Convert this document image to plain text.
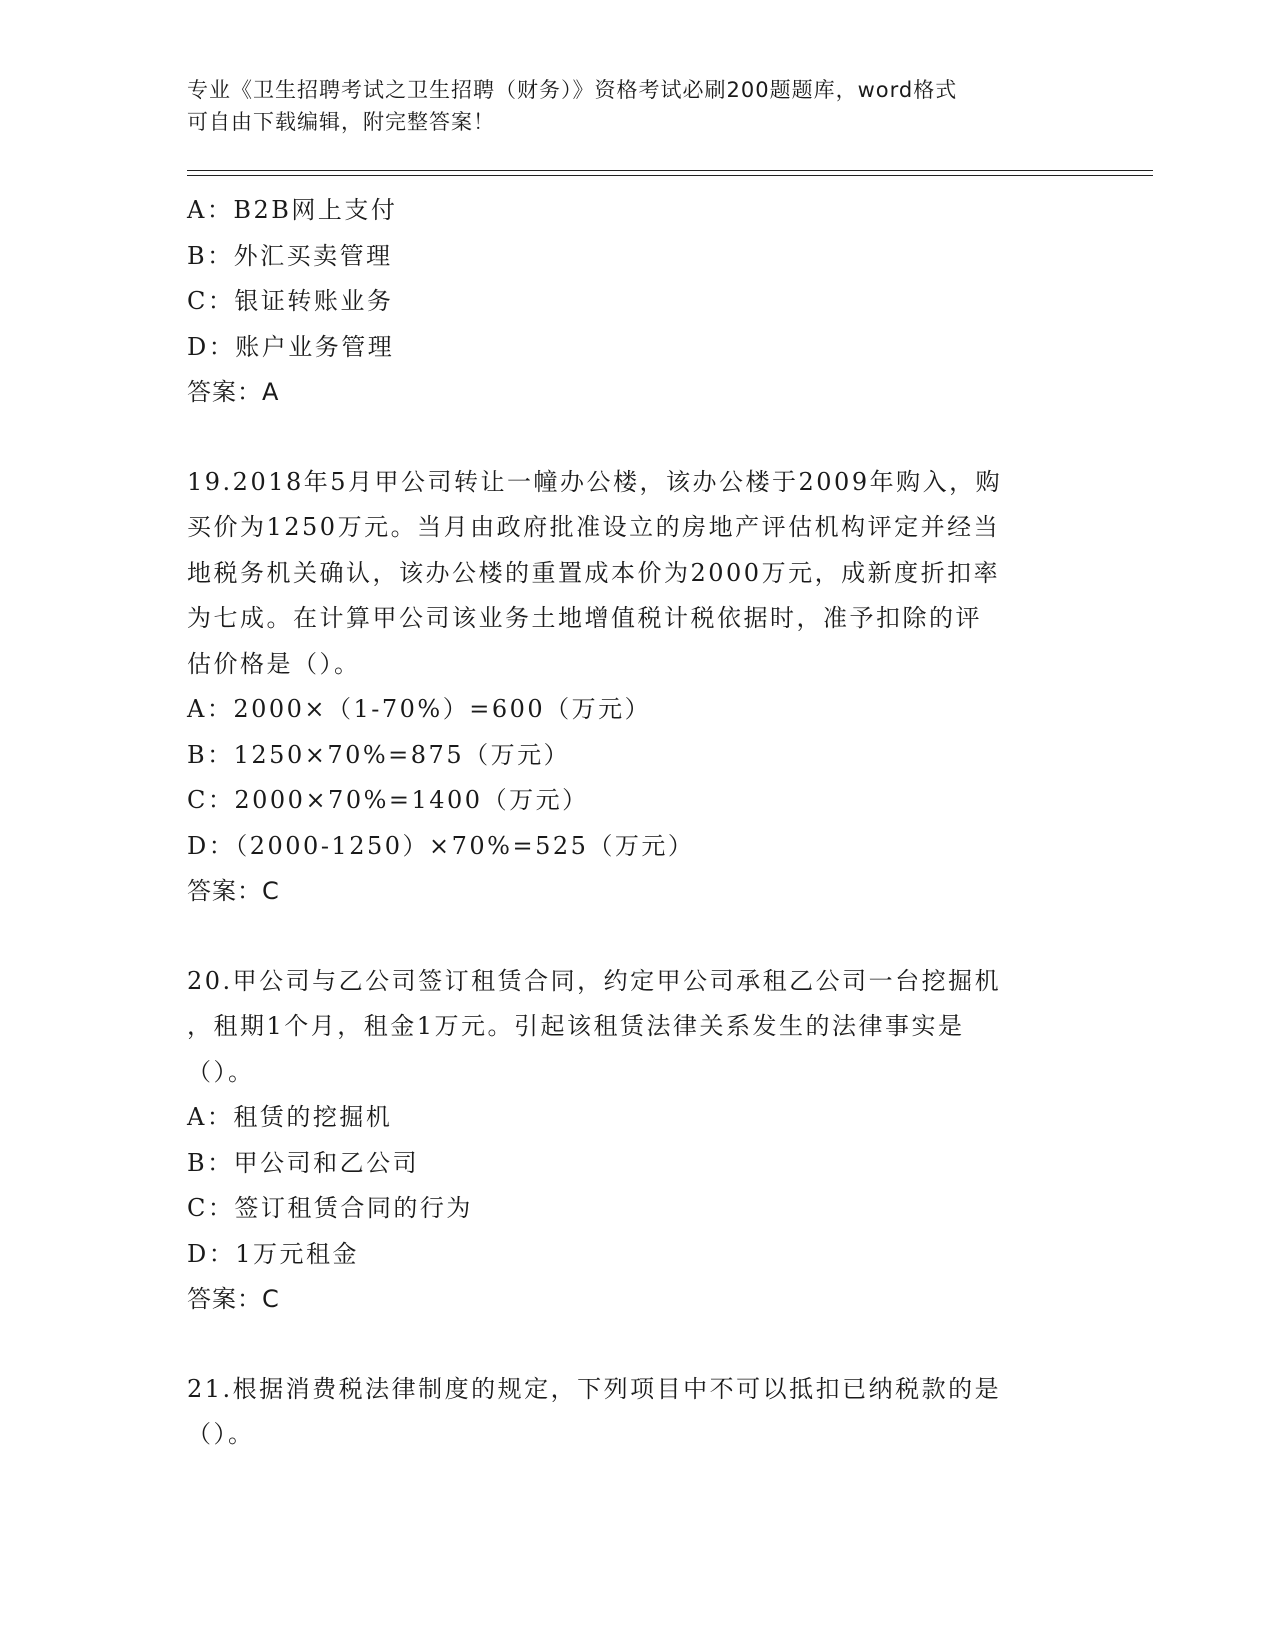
专业《卫生招聘考试之卫生招聘（财务）》资格考试必刷200题题库，word格式
可自由下载编辑，附完整答案！
A：B2B网上支付
B：外汇买卖管理
C：银证转账业务
D：账户业务管理
答案：A
19.2018年5月甲公司转让一幢办公楼，该办公楼于2009年购入，购
买价为1250万元。当月由政府批准设立的房地产评估机构评定并经当
地税务机关确认，该办公楼的重置成本价为2000万元，成新度折扣率
为七成。在计算甲公司该业务土地增值税计税依据时，准予扣除的评
估价格是（）。
A：2000×（1-70%）=600（万元）
B：1250×70%=875（万元）
C：2000×70%=1400（万元）
D：（2000-1250）×70%=525（万元）
答案：C
20.甲公司与乙公司签订租赁合同，约定甲公司承租乙公司一台挖掘机
，租期1个月，租金1万元。引起该租赁法律关系发生的法律事实是
（）。
A：租赁的挖掘机
B：甲公司和乙公司
C：签订租赁合同的行为
D：1万元租金
答案：C
21.根据消费税法律制度的规定，下列项目中不可以抵扣已纳税款的是
（）。
